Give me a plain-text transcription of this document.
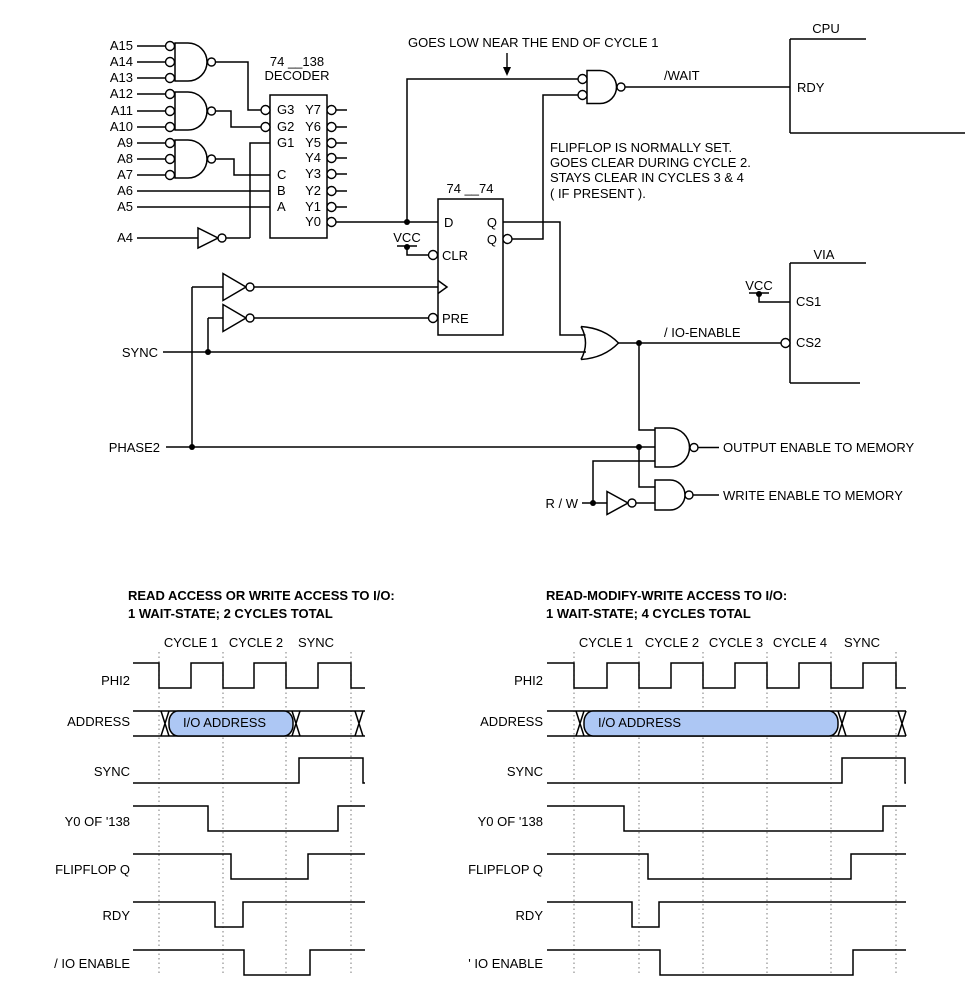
A15
A14
A13
A12
A11
A10
A9
A8
A7
A6
A5
A4
74 __138
DECODER
G3
G2
G1
C
B
A
Y7
Y6
Y5
Y4
Y3
Y2
Y1
Y0
GOES LOW NEAR THE END OF CYCLE 1
/WAIT
CPU
RDY
74 __74
D	Q
Q
CLR
PRE
VCC
FLIPFLOP IS NORMALLY SET.
GOES CLEAR DURING CYCLE 2.
STAYS CLEAR IN CYCLES 3 & 4
( IF PRESENT ).
VIA
VCC
CS1
CS2
/ IO-ENABLE
SYNC
PHASE2
R / W
OUTPUT ENABLE TO MEMORY
WRITE ENABLE TO MEMORY
READ ACCESS OR WRITE ACCESS TO I/O:
1 WAIT-STATE; 2 CYCLES TOTAL
READ-MODIFY-WRITE ACCESS TO I/O:
1 WAIT-STATE; 4 CYCLES TOTAL
CYCLE 1 CYCLE 2 SYNC
PHI2
ADDRESS	I/O ADDRESS
SYNC
Y0 OF '138
FLIPFLOP Q
RDY
/ IO ENABLE
CYCLE 1 CYCLE 2 CYCLE 3 CYCLE 4 SYNC
PHI2
ADDRESS	I/O ADDRESS
SYNC
Y0 OF '138
FLIPFLOP Q
RDY
' IO ENABLE
